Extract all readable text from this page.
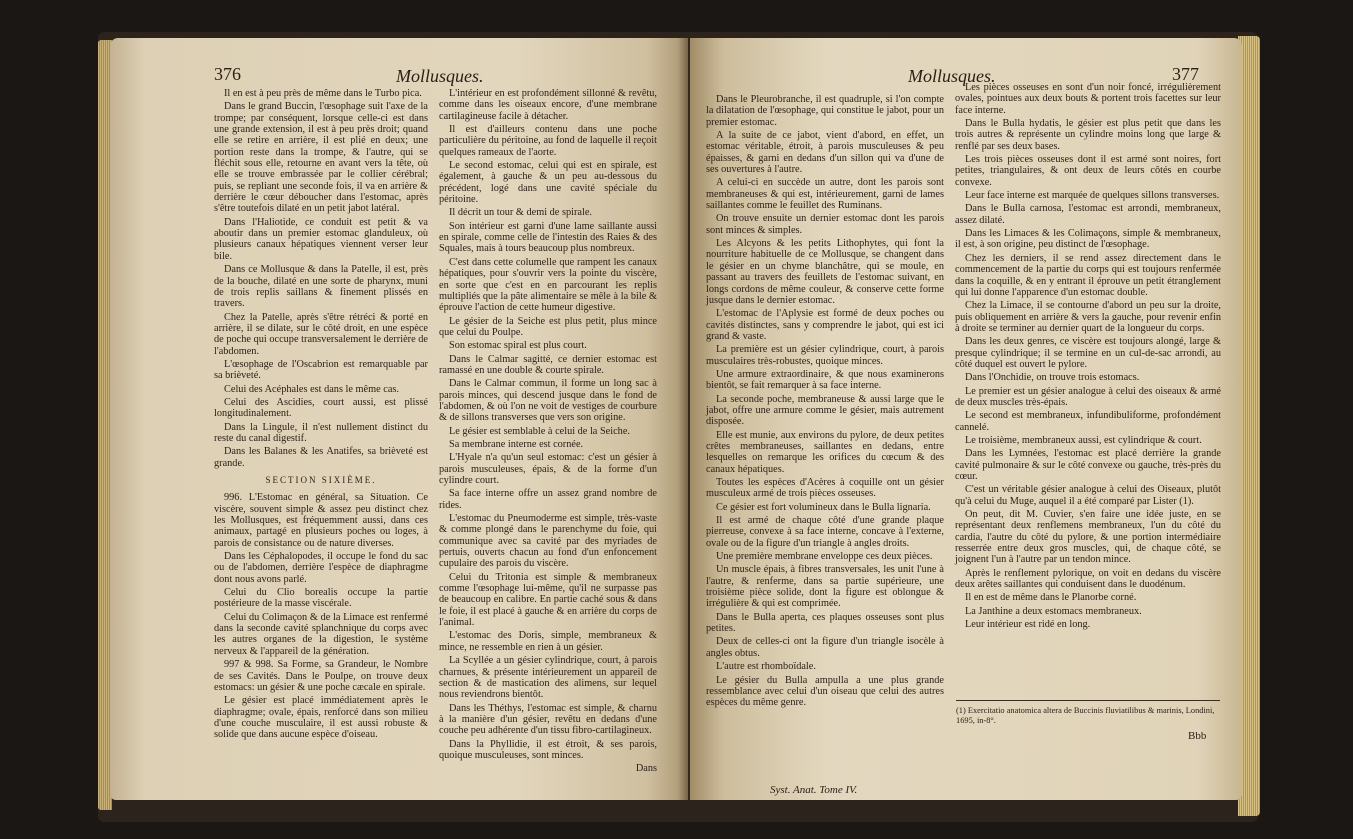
376	Mollusques.

Il en est à peu près de même dans le Turbo pica.

Dans le grand Buccin, l'œsophage suit l'axe de la trompe; par conséquent, lorsque celle-ci est dans une grande extension, il est à peu près droit; quand elle se retire en arrière, il est plié en deux; une portion reste dans la trompe, & l'autre, qui se fléchit sous elle, retourne en avant vers la tête, où elle se trouve embrassée par le collier cérébral; puis, se repliant une seconde fois, il va en arrière & derrière le cœur déboucher dans l'estomac, après s'être toutefois dilaté en un petit jabot latéral.

Dans l'Haliotide, ce conduit est petit & va aboutir dans un premier estomac glanduleux, où plusieurs canaux hépatiques viennent verser leur bile.

Dans ce Mollusque & dans la Patelle, il est, près de la bouche, dilaté en une sorte de pharynx, muni de trois replis saillans & finement plissés en travers.

Chez la Patelle, après s'être rétréci & porté en arrière, il se dilate, sur le côté droit, en une espèce de poche qui occupe transversalement le derrière de l'abdomen.

L'œsophage de l'Oscabrion est remarquable par sa brièveté.

Celui des Acéphales est dans le même cas.

Celui des Ascidies, court aussi, est plissé longitudinalement.

Dans la Lingule, il n'est nullement distinct du reste du canal digestif.

Dans les Balanes & les Anatifes, sa brièveté est grande.

SECTION SIXIÈME.

996. L'Estomac en général, sa Situation. Ce viscère, souvent simple & assez peu distinct chez les Mollusques, est fréquemment aussi, dans ces animaux, partagé en plusieurs poches ou loges, à parois de consistance ou de nature diverses.

Dans les Céphalopodes, il occupe le fond du sac ou de l'abdomen, derrière l'espèce de diaphragme dont nous avons parlé.

Celui du Clio borealis occupe la partie postérieure de la masse viscérale.

Celui du Colimaçon & de la Limace est renfermé dans la seconde cavité splanchnique du corps avec les autres organes de la digestion, le système nerveux & l'appareil de la génération.

997 & 998. Sa Forme, sa Grandeur, le Nombre de ses Cavités. Dans le Poulpe, on trouve deux estomacs: un gésier & une poche cæcale en spirale.

Le gésier est placé immédiatement après le diaphragme; ovale, épais, renforcé dans son milieu d'une couche musculaire, il est aussi robuste & solide que dans aucune espèce d'oiseau.

L'intérieur en est profondément sillonné & revêtu, comme dans les oiseaux encore, d'une membrane cartilagineuse facile à détacher.

Il est d'ailleurs contenu dans une poche particulière du péritoine, au fond de laquelle il reçoit quelques rameaux de l'aorte.

Le second estomac, celui qui est en spirale, est également, à gauche & un peu au-dessous du précédent, logé dans une cavité spéciale du péritoine.

Il décrit un tour & demi de spirale.

Son intérieur est garni d'une lame saillante aussi en spirale, comme celle de l'intestin des Raies & des Squales, mais à tours beaucoup plus nombreux.

C'est dans cette columelle que rampent les canaux hépatiques, pour s'ouvrir vers la pointe du viscère, en sorte que c'est en en parcourant les replis multipliés que la pâte alimentaire se mêle à la bile & éprouve l'action de cette humeur digestive.

Le gésier de la Seiche est plus petit, plus mince que celui du Poulpe.

Son estomac spiral est plus court.

Dans le Calmar sagitté, ce dernier estomac est ramassé en une double & courte spirale.

Dans le Calmar commun, il forme un long sac à parois minces, qui descend jusque dans le fond de l'abdomen, & où l'on ne voit de vestiges de courbure & de sillons transverses que vers son origine.

Le gésier est semblable à celui de la Seiche.

Sa membrane interne est cornée.

L'Hyale n'a qu'un seul estomac: c'est un gésier à parois musculeuses, épais, & de la forme d'un cylindre court.

Sa face interne offre un assez grand nombre de rides.

L'estomac du Pneumoderme est simple, très-vaste & comme plongé dans le parenchyme du foie, qui communique avec sa cavité par des myriades de pertuis, ouverts chacun au fond d'un enfoncement cupulaire des parois du viscère.

Celui du Tritonia est simple & membraneux comme l'œsophage lui-même, qu'il ne surpasse pas de beaucoup en calibre. En partie caché sous & dans le foie, il est placé à gauche & en arrière du corps de l'animal.

L'estomac des Doris, simple, membraneux & mince, ne ressemble en rien à un gésier.

La Scyllée a un gésier cylindrique, court, à parois charnues, & présente intérieurement un appareil de section & de mastication des alimens, sur lequel nous reviendrons bientôt.

Dans les Théthys, l'estomac est simple, & charnu à la manière d'un gésier, revêtu en dedans d'une couche peu adhérente d'un tissu fibro-cartilagineux.

Dans la Phyllidie, il est étroit, & ses parois, quoique musculeuses, sont minces.

Dans
Mollusques.	377

Dans le Pleurobranche, il est quadruple, si l'on compte la dilatation de l'œsophage, qui constitue le jabot, pour un premier estomac.

A la suite de ce jabot, vient d'abord, en effet, un estomac véritable, étroit, à parois musculeuses & peu épaisses, & garni en dedans d'un sillon qui va d'une de ses ouvertures à l'autre.

A celui-ci en succède un autre, dont les parois sont membraneuses & qui est, intérieurement, garni de lames saillantes comme le feuillet des Ruminans.

On trouve ensuite un dernier estomac dont les parois sont minces & simples.

Les Alcyons & les petits Lithophytes, qui font la nourriture habituelle de ce Mollusque, se changent dans le gésier en un chyme blanchâtre, qui se moule, en passant au travers des feuillets de l'estomac suivant, en longs cordons de même couleur, & conserve cette forme jusque dans le dernier estomac.

L'estomac de l'Aplysie est formé de deux poches ou cavités distinctes, sans y comprendre le jabot, qui est ici grand & vaste.

La première est un gésier cylindrique, court, à parois musculaires très-robustes, quoique minces.

Une armure extraordinaire, & que nous examinerons bientôt, se fait remarquer à sa face interne.

La seconde poche, membraneuse & aussi large que le jabot, offre une armure comme le gésier, mais autrement disposée.

Elle est munie, aux environs du pylore, de deux petites crêtes membraneuses, saillantes en dedans, entre lesquelles on remarque les orifices du cœcum & des canaux hépatiques.

Toutes les espèces d'Acères à coquille ont un gésier musculeux armé de trois pièces osseuses.

Ce gésier est fort volumineux dans le Bulla lignaria.

Il est armé de chaque côté d'une grande plaque pierreuse, convexe à sa face interne, concave à l'externe, ovale ou de la figure d'un triangle à angles droits.

Une première membrane enveloppe ces deux pièces.

Un muscle épais, à fibres transversales, les unit l'une à l'autre, & renferme, dans sa partie supérieure, une troisième pièce solide, dont la figure est oblongue & irrégulière & qui est comprimée.

Dans le Bulla aperta, ces plaques osseuses sont plus petites.

Deux de celles-ci ont la figure d'un triangle isocèle à angles obtus.

L'autre est rhomboïdale.

Le gésier du Bulla ampulla a une plus grande ressemblance avec celui d'un oiseau que celui des autres espèces du même genre.

Syst. Anat. Tome IV.

Les pièces osseuses en sont d'un noir foncé, irrégulièrement ovales, pointues aux deux bouts & portent trois facettes sur leur face interne.

Dans le Bulla hydatis, le gésier est plus petit que dans les trois autres & représente un cylindre moins long que large & renflé par ses deux bases.

Les trois pièces osseuses dont il est armé sont noires, fort petites, triangulaires, & ont deux de leurs côtés en courbe convexe.

Leur face interne est marquée de quelques sillons transverses.

Dans le Bulla carnosa, l'estomac est arrondi, membraneux, assez dilaté.

Dans les Limaces & les Colimaçons, simple & membraneux, il est, à son origine, peu distinct de l'œsophage.

Chez les derniers, il se rend assez directement dans le commencement de la partie du corps qui est toujours renfermée dans la coquille, & en y entrant il éprouve un petit étranglement qui lui donne l'apparence d'un estomac double.

Chez la Limace, il se contourne d'abord un peu sur la droite, puis obliquement en arrière & vers la gauche, pour revenir enfin à droite se terminer au dernier quart de la longueur du corps.

Dans les deux genres, ce viscère est toujours alongé, large & presque cylindrique; il se termine en un cul-de-sac arrondi, au côté duquel est ouvert le pylore.

Dans l'Onchidie, on trouve trois estomacs.

Le premier est un gésier analogue à celui des oiseaux & armé de deux muscles très-épais.

Le second est membraneux, infundibuliforme, profondément cannelé.

Le troisième, membraneux aussi, est cylindrique & court.

Dans les Lymnées, l'estomac est placé derrière la grande cavité pulmonaire & sur le côté convexe ou gauche, très-près du cœur.

C'est un véritable gésier analogue à celui des Oiseaux, plutôt qu'à celui du Muge, auquel il a été comparé par Lister (1).

On peut, dit M. Cuvier, s'en faire une idée juste, en se représentant deux renflemens membraneux, l'un du côté du cardia, l'autre du côté du pylore, & une portion intermédiaire resserrée entre deux gros muscles, qui, de chaque côté, se joignent l'un à l'autre par un tendon mince.

Après le renflement pylorique, on voit en dedans du viscère deux arêtes saillantes qui conduisent dans le duodénum.

Il en est de même dans le Planorbe corné.

La Janthine a deux estomacs membraneux.

Leur intérieur est ridé en long.

(1) Exercitatio anatomica altera de Buccinis fluviatilibus & marinis, Londini, 1695, in-8°.
Bbb
